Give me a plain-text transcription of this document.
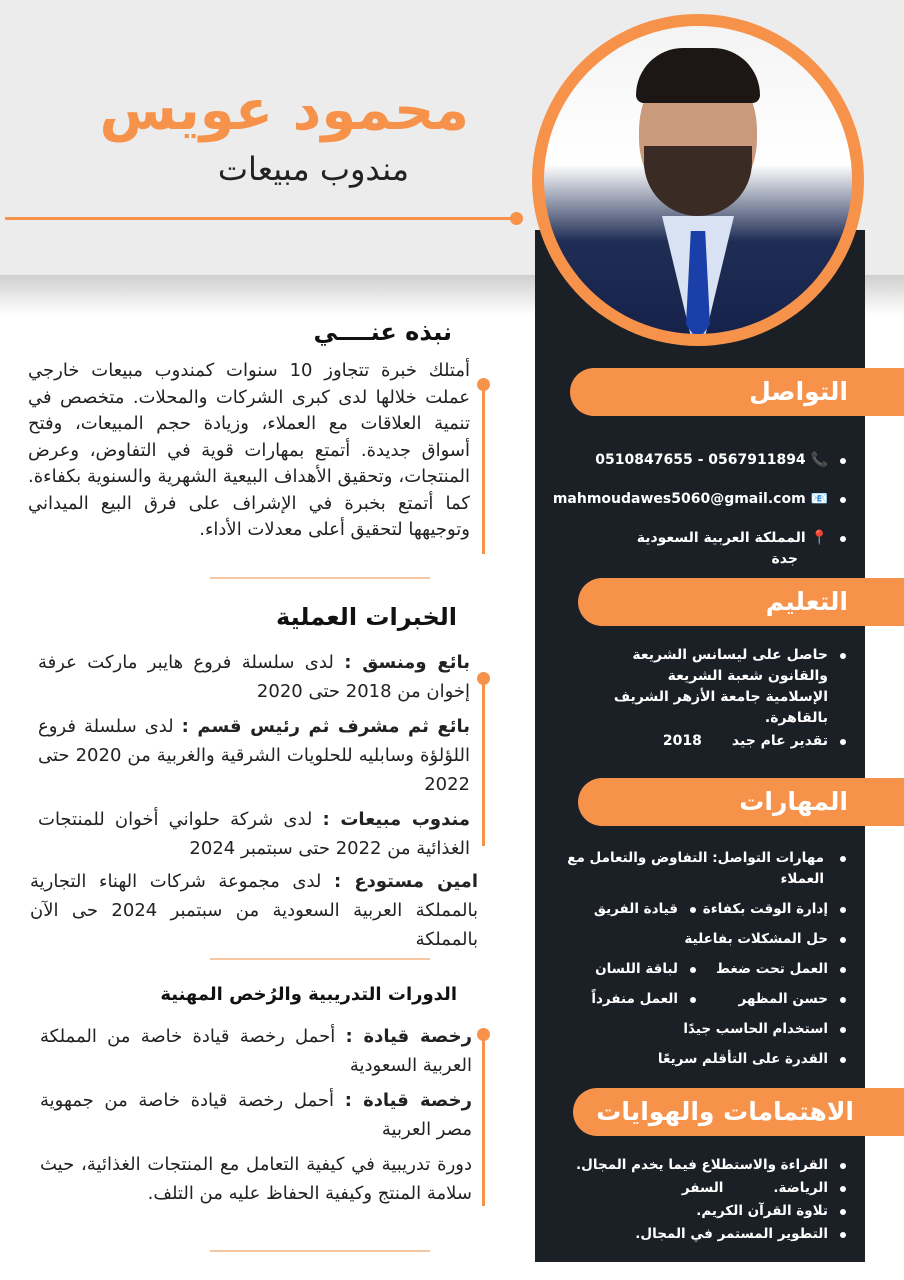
محمود عويس
مندوب مبيعات
التواصل
📞 0567911894 - 0510847655
📧 mahmoudawes5060@gmail.com
📍 المملكة العربية السعودية
جدة
التعليم
حاصل على ليسانس الشريعة والقانون شعبة الشريعة الإسلامية جامعة الأزهر الشريف بالقاهرة.
تقدير عام جيد2018
المهارات
مهارات التواصل: التفاوض والتعامل مع العملاء
إدارة الوقت بكفاءة
قيادة الفريق
حل المشكلات بفاعلية
العمل تحت ضغط
لباقة اللسان
حسن المظهر
العمل منفرداً
استخدام الحاسب جيدًا
القدرة على التأقلم سريعًا
الاهتمامات والهوايات
القراءة والاستطلاع فيما يخدم المجال.
الرياضة.السفر
تلاوة القرآن الكريم.
التطوير المستمر في المجال.
نبذه عنــــي

أمتلك خبرة تتجاوز 10 سنوات كمندوب مبيعات خارجي عملت خلالها لدى كبرى الشركات والمحلات. متخصص في تنمية العلاقات مع العملاء، وزيادة حجم المبيعات، وفتح أسواق جديدة. أتمتع بمهارات قوية في التفاوض، وعرض المنتجات، وتحقيق الأهداف البيعية الشهرية والسنوية بكفاءة. كما أتمتع بخبرة في الإشراف على فرق البيع الميداني وتوجيهها لتحقيق أعلى معدلات الأداء.

الخبرات العملية

بائع ومنسق : لدى سلسلة فروع هايبر ماركت عرفة إخوان من 2018 حتى 2020

بائع ثم مشرف ثم رئيس قسم : لدى سلسلة فروع اللؤلؤة وسابليه للحلويات الشرقية والغربية من 2020 حتى 2022

مندوب مبيعات : لدى شركة حلواني أخوان للمنتجات الغذائية من 2022 حتى سبتمبر 2024

امين مستودع : لدى مجموعة شركات الهناء التجارية بالمملكة العربية السعودية من سبتمبر 2024 حى الآن بالمملكة

الدورات التدريبية والرُخص المهنية

رخصة قيادة : أحمل رخصة قيادة خاصة من المملكة العربية السعودية

رخصة قيادة : أحمل رخصة قيادة خاصة من جمهوية مصر العربية

دورة تدريبية في كيفية التعامل مع المنتجات الغذائية، حيث سلامة المنتج وكيفية الحفاظ عليه من التلف.
